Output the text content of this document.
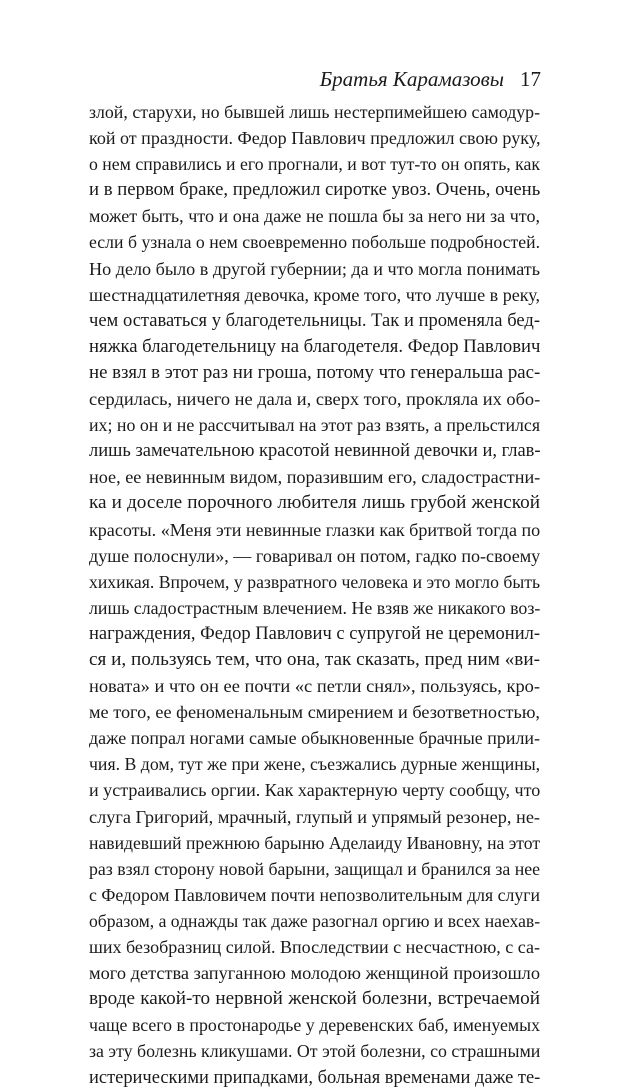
Братья Карамазовы 17
злой, старухи, но бывшей лишь нестерпимейшею самодур-
кой от праздности. Федор Павлович предложил свою руку,
о нем справились и его прогнали, и вот тут-то он опять, как
и в первом браке, предложил сиротке увоз. Очень, очень
может быть, что и она даже не пошла бы за него ни за что,
если б узнала о нем своевременно побольше подробностей.
Но дело было в другой губернии; да и что могла понимать
шестнадцатилетняя девочка, кроме того, что лучше в реку,
чем оставаться у благодетельницы. Так и променяла бед-
няжка благодетельницу на благодетеля. Федор Павлович
не взял в этот раз ни гроша, потому что генеральша рас-
сердилась, ничего не дала и, сверх того, прокляла их обо-
их; но он и не рассчитывал на этот раз взять, а прельстился
лишь замечательною красотой невинной девочки и, глав-
ное, ее невинным видом, поразившим его, сладострастни-
ка и доселе порочного любителя лишь грубой женской
красоты. «Меня эти невинные глазки как бритвой тогда по
душе полоснули», — говаривал он потом, гадко по-своему
хихикая. Впрочем, у развратного человека и это могло быть
лишь сладострастным влечением. Не взяв же никакого воз-
награждения, Федор Павлович с супругой не церемонил-
ся и, пользуясь тем, что она, так сказать, пред ним «ви-
новата» и что он ее почти «с петли снял», пользуясь, кро-
ме того, ее феноменальным смирением и безответностью,
даже попрал ногами самые обыкновенные брачные прили-
чия. В дом, тут же при жене, съезжались дурные женщины,
и устраивались оргии. Как характерную черту сообщу, что
слуга Григорий, мрачный, глупый и упрямый резонер, не-
навидевший прежнюю барыню Аделаиду Ивановну, на этот
раз взял сторону новой барыни, защищал и бранился за нее
с Федором Павловичем почти непозволительным для слуги
образом, а однажды так даже разогнал оргию и всех наехав-
ших безобразниц силой. Впоследствии с несчастною, с са-
мого детства запуганною молодою женщиной произошло
вроде какой-то нервной женской болезни, встречаемой
чаще всего в простонародье у деревенских баб, именуемых
за эту болезнь кликушами. От этой болезни, со страшными
истерическими припадками, больная временами даже те-
